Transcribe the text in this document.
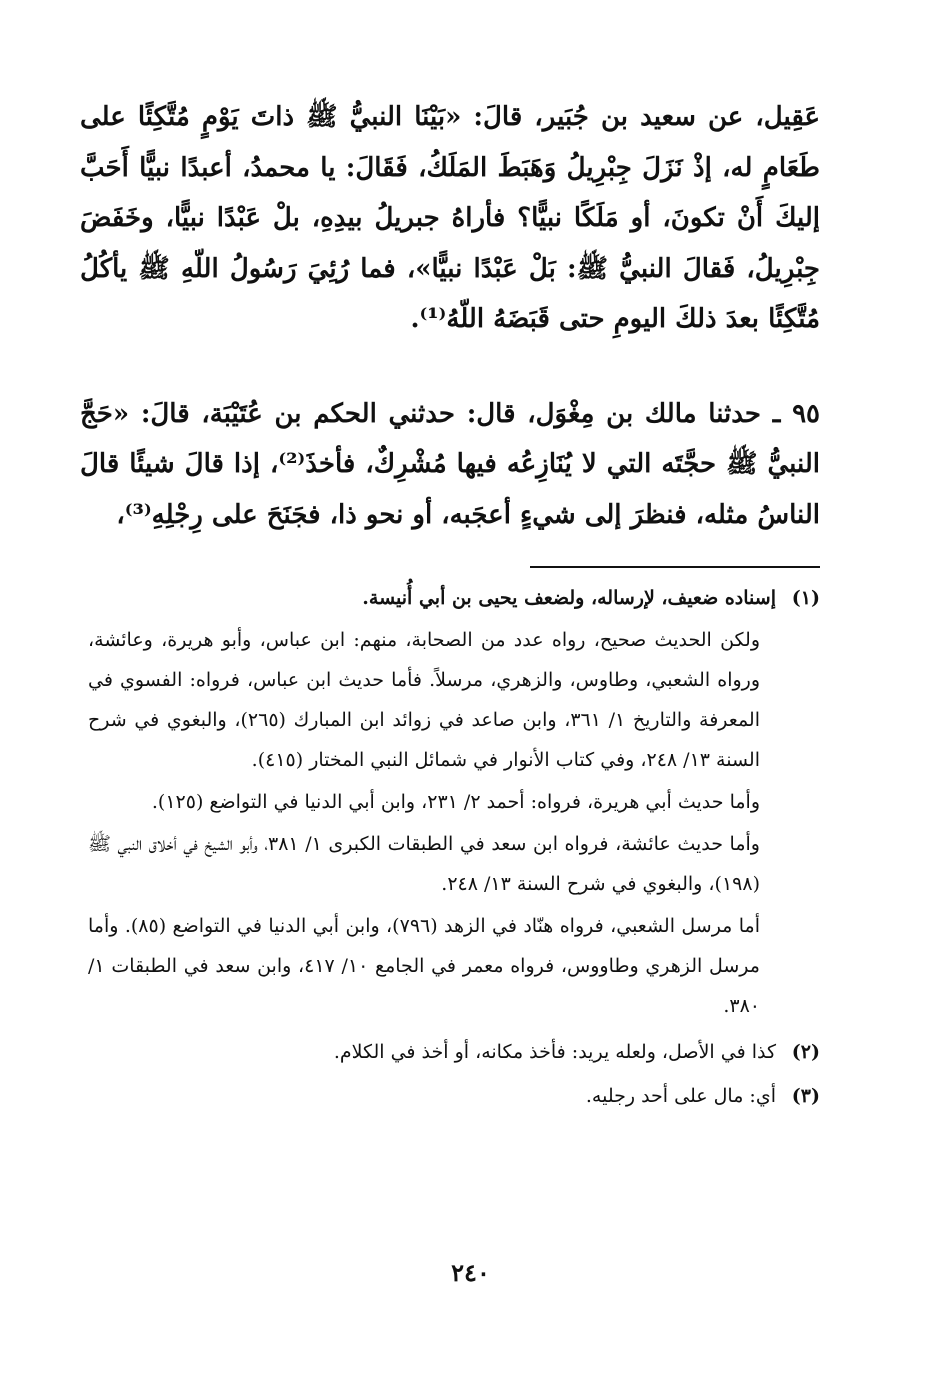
عَقِيل، عن سعيد بن جُبَير، قالَ: «بَيْنَا النبيُّ ﷺ ذاتَ يَوْمٍ مُتَّكِئًا على طَعَامٍ له، إذْ نَزَلَ جِبْرِيلُ وَهَبَطَ المَلَكُ، فَقَالَ: يا محمدُ، أعبدًا نبيًّا أَحَبَّ إليكَ أَنْ تكونَ، أو مَلَكًا نبيًّا؟ فأراهُ جبريلُ بيدِهِ، بلْ عَبْدًا نبيًّا، وخَفَضَ جِبْرِيلُ، فَقالَ النبيُّ ﷺ: بَلْ عَبْدًا نبيًّا»، فما رُئِيَ رَسُولُ اللّهِ ﷺ يأكُلُ مُتَّكِئًا بعدَ ذلكَ اليومِ حتى قَبَضَهُ اللّهُ⁽¹⁾.

٩٥ ـ حدثنا مالك بن مِغْوَل، قال: حدثني الحكم بن عُتَيْبَة، قالَ: «حَجَّ النبيُّ ﷺ حجَّتَه التي لا يُنَازِعُه فيها مُشْرِكٌ، فأخذَ⁽²⁾، إذا قالَ شيئًا قالَ الناسُ مثله، فنظرَ إلى شيءٍ أعجَبه، أو نحو ذا، فجَنَحَ على رِجْلِهِ⁽³⁾،

(١)

إسناده ضعيف، لإرساله، ولضعف يحيى بن أبي أُنيسة.

ولكن الحديث صحيح، رواه عدد من الصحابة، منهم: ابن عباس، وأبو هريرة، وعائشة، ورواه الشعبي، وطاوس، والزهري، مرسلاً. فأما حديث ابن عباس، فرواه: الفسوي في المعرفة والتاريخ ١/ ٣٦١، وابن صاعد في زوائد ابن المبارك (٢٦٥)، والبغوي في شرح السنة ١٣/ ٢٤٨، وفي كتاب الأنوار في شمائل النبي المختار (٤١٥).

وأما حديث أبي هريرة، فرواه: أحمد ٢/ ٢٣١، وابن أبي الدنيا في التواضع (١٢٥).

وأما حديث عائشة، فرواه ابن سعد في الطبقات الكبرى ١/ ٣٨١، وأبو الشيخ في أخلاق النبي ﷺ (١٩٨)، والبغوي في شرح السنة ١٣/ ٢٤٨.

أما مرسل الشعبي، فرواه هنّاد في الزهد (٧٩٦)، وابن أبي الدنيا في التواضع (٨٥). وأما مرسل الزهري وطاووس، فرواه معمر في الجامع ١٠/ ٤١٧، وابن سعد في الطبقات ١/ ٣٨٠.

(٢)
كذا في الأصل، ولعله يريد: فأخذ مكانه، أو أخذ في الكلام.
(٣)
أي: مال على أحد رجليه.
٢٤٠
